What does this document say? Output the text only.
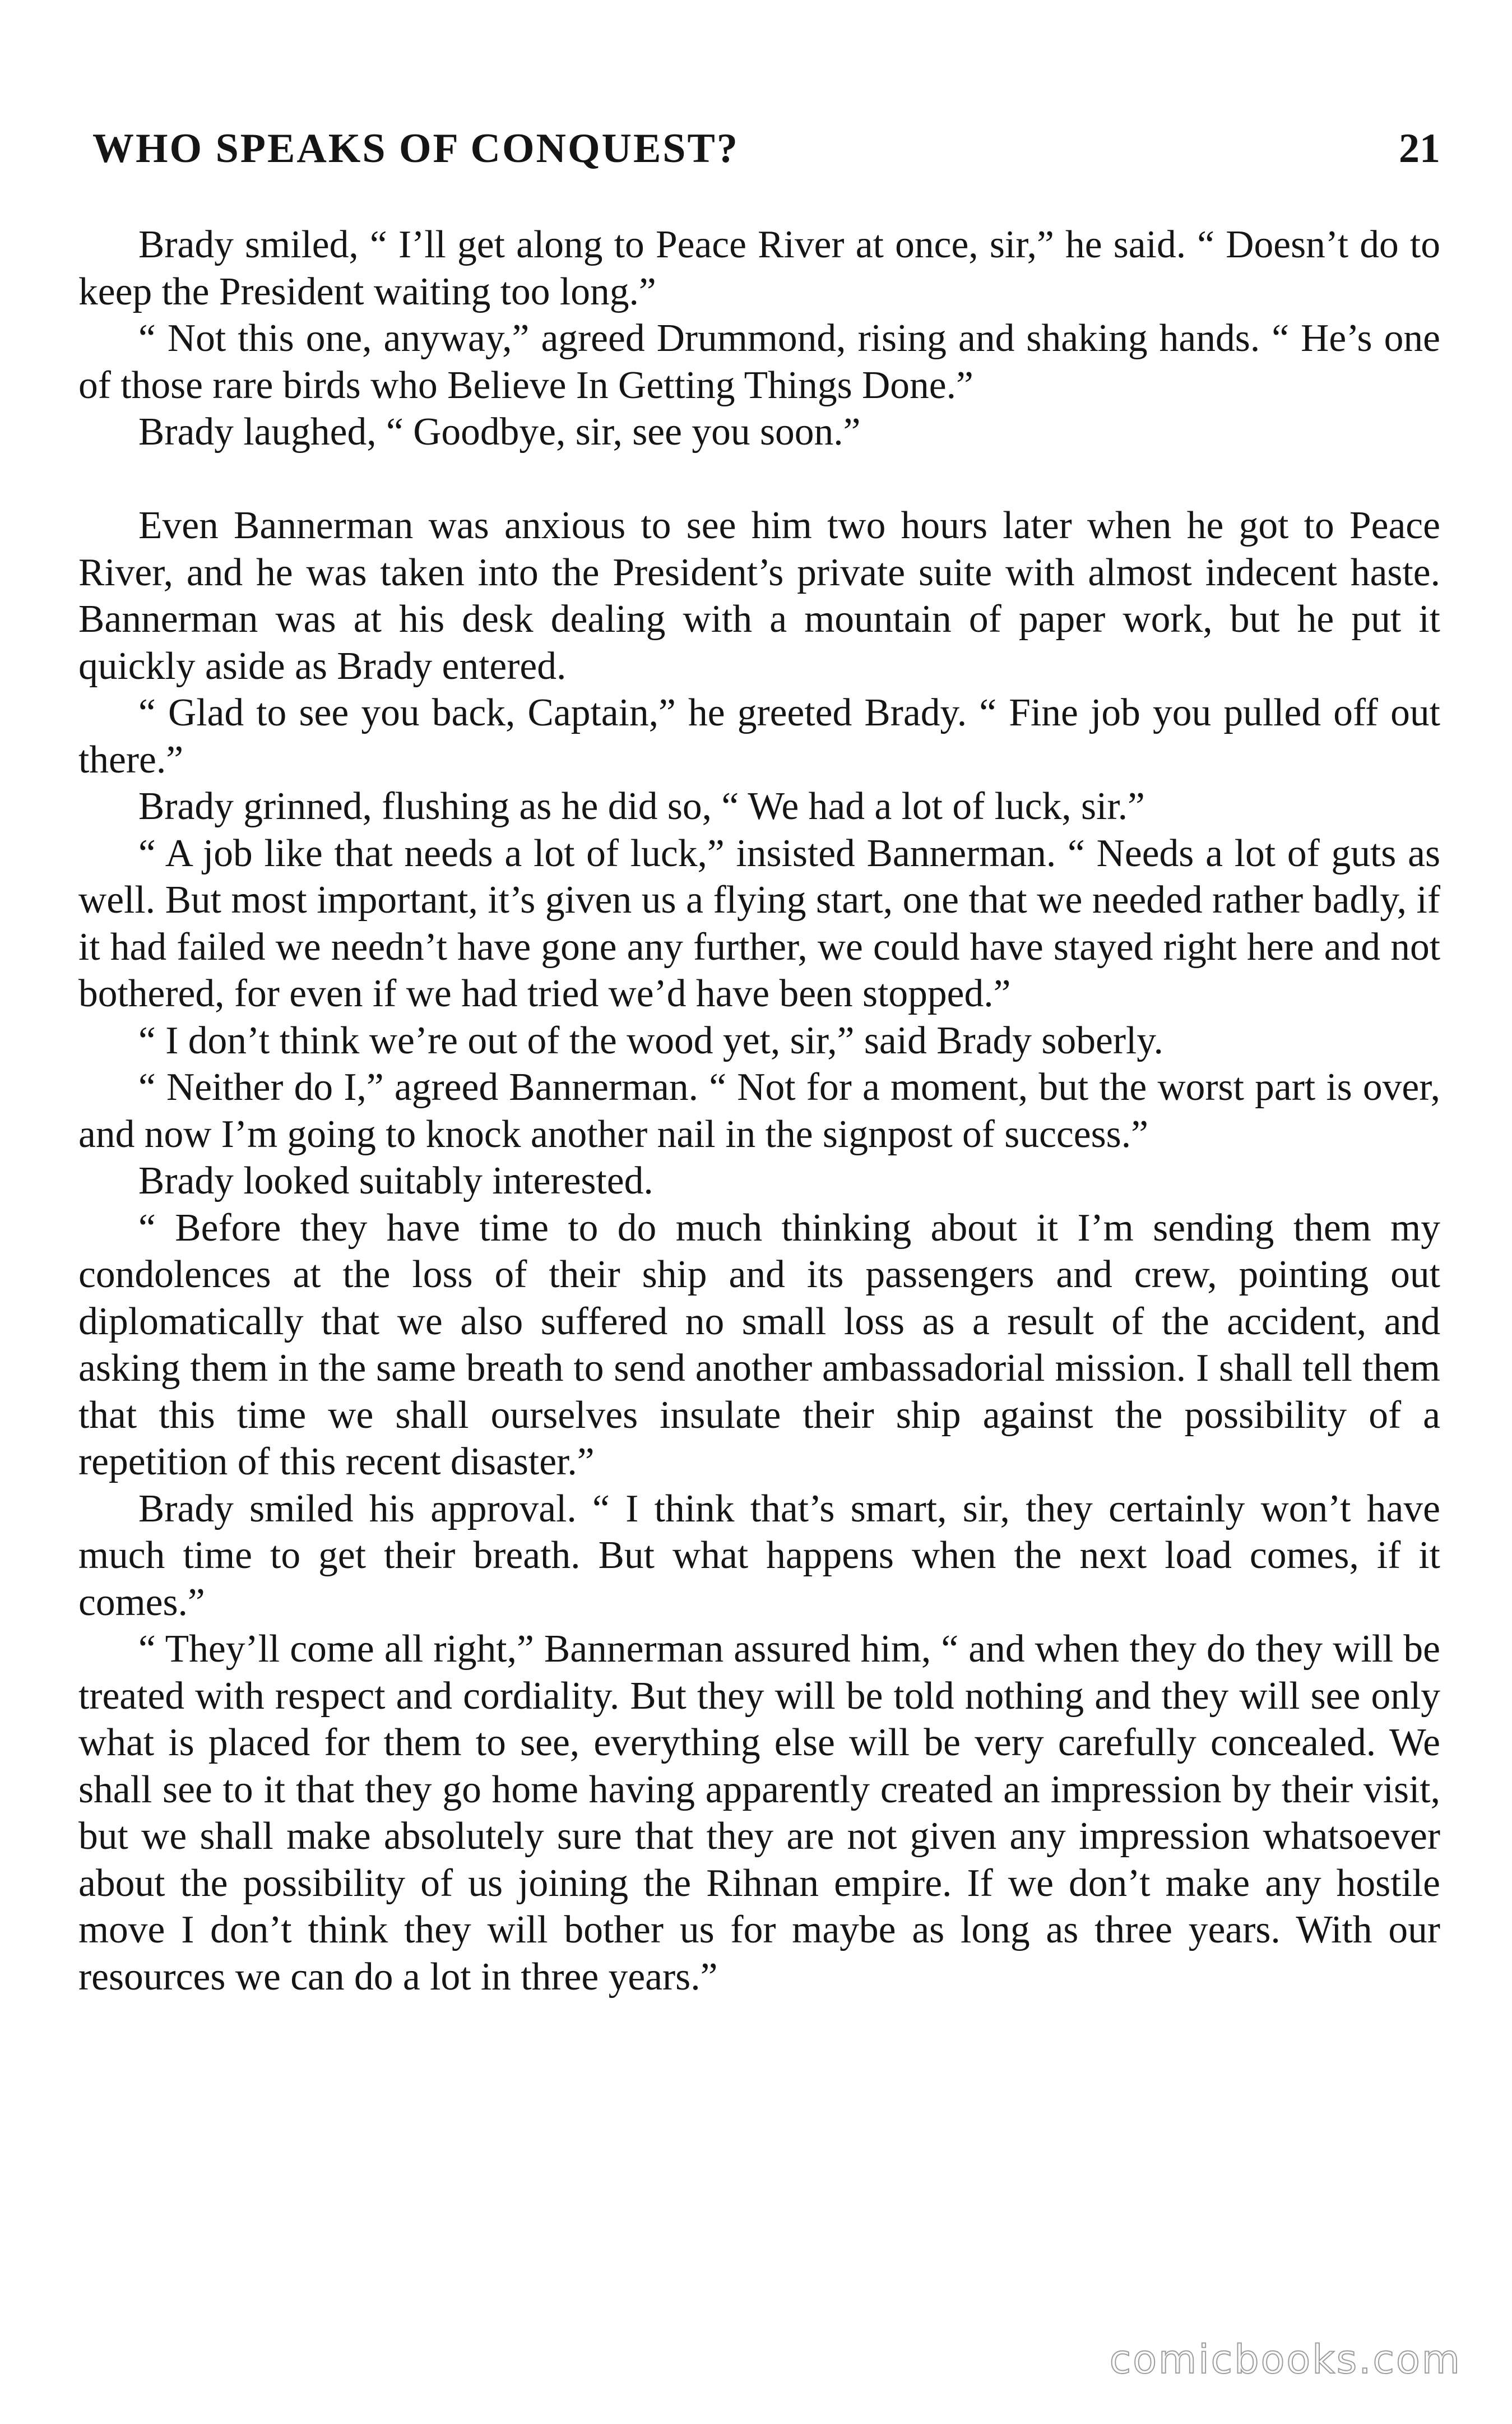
WHO SPEAKS OF CONQUEST?	21

Brady smiled, “ I’ll get along to Peace River at once, sir,” he said. “ Doesn’t do to keep the President waiting too long.”

“ Not this one, anyway,” agreed Drummond, rising and shaking hands. “ He’s one of those rare birds who Believe In Getting Things Done.”

Brady laughed, “ Goodbye, sir, see you soon.”

Even Bannerman was anxious to see him two hours later when he got to Peace River, and he was taken into the President’s private suite with almost indecent haste. Bannerman was at his desk dealing with a mountain of paper work, but he put it quickly aside as Brady entered.

“ Glad to see you back, Captain,” he greeted Brady. “ Fine job you pulled off out there.”

Brady grinned, flushing as he did so, “ We had a lot of luck, sir.”

“ A job like that needs a lot of luck,” insisted Bannerman. “ Needs a lot of guts as well. But most important, it’s given us a flying start, one that we needed rather badly, if it had failed we needn’t have gone any further, we could have stayed right here and not bothered, for even if we had tried we’d have been stopped.”

“ I don’t think we’re out of the wood yet, sir,” said Brady soberly.

“ Neither do I,” agreed Bannerman. “ Not for a moment, but the worst part is over, and now I’m going to knock another nail in the signpost of success.”

Brady looked suitably interested.

“ Before they have time to do much thinking about it I’m sending them my condolences at the loss of their ship and its passengers and crew, pointing out diplomatically that we also suffered no small loss as a result of the accident, and asking them in the same breath to send another ambassadorial mission. I shall tell them that this time we shall ourselves insulate their ship against the possibility of a repetition of this recent disaster.”

Brady smiled his approval. “ I think that’s smart, sir, they certainly won’t have much time to get their breath. But what happens when the next load comes, if it comes.”

“ They’ll come all right,” Bannerman assured him, “ and when they do they will be treated with respect and cordiality. But they will be told nothing and they will see only what is placed for them to see, everything else will be very carefully concealed. We shall see to it that they go home having apparently created an impression by their visit, but we shall make absolutely sure that they are not given any impression whatsoever about the possibility of us joining the Rihnan empire. If we don’t make any hostile move I don’t think they will bother us for maybe as long as three years. With our resources we can do a lot in three years.”

comicbooks.com
